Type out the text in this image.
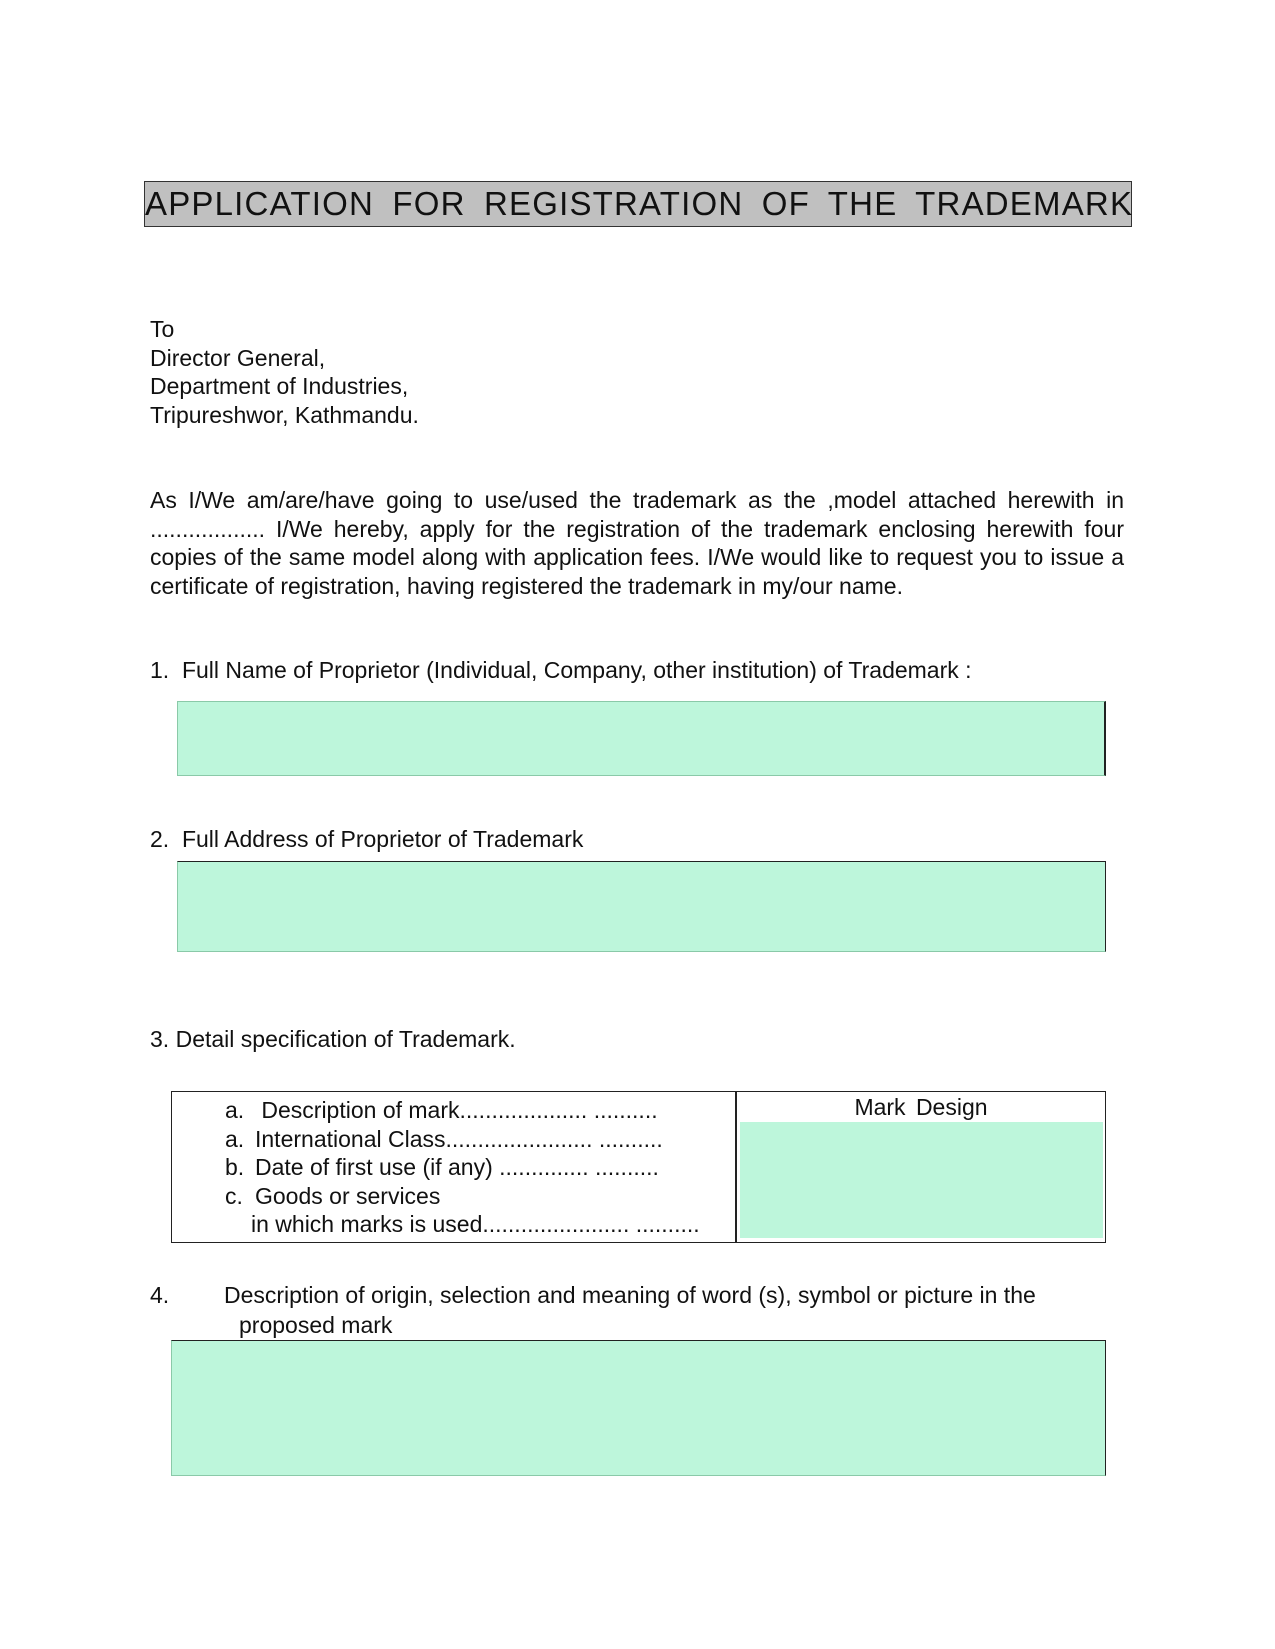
APPLICATION FOR REGISTRATION OF THE TRADEMARK
To
Director General,
Department of Industries,
Tripureshwor, Kathmandu.

As I/We am/are/have going to use/used the trademark as the ,model attached herewith in .................. I/We hereby, apply for the registration of the trademark enclosing herewith four copies of the same model along with application fees. I/We would like to request you to issue a certificate of registration, having registered the trademark in my/our name.

1. Full Name of Proprietor (Individual, Company, other institution) of Trademark :
2. Full Address of Proprietor of Trademark
3. Detail specification of Trademark.
a. Description of mark.................... ..........
a. International Class....................... ..........
b. Date of first use (if any) .............. ..........
c. Goods or services
in which marks is used....................... ..........
Mark Design
4. Description of origin, selection and meaning of word (s), symbol or picture in the
proposed mark
